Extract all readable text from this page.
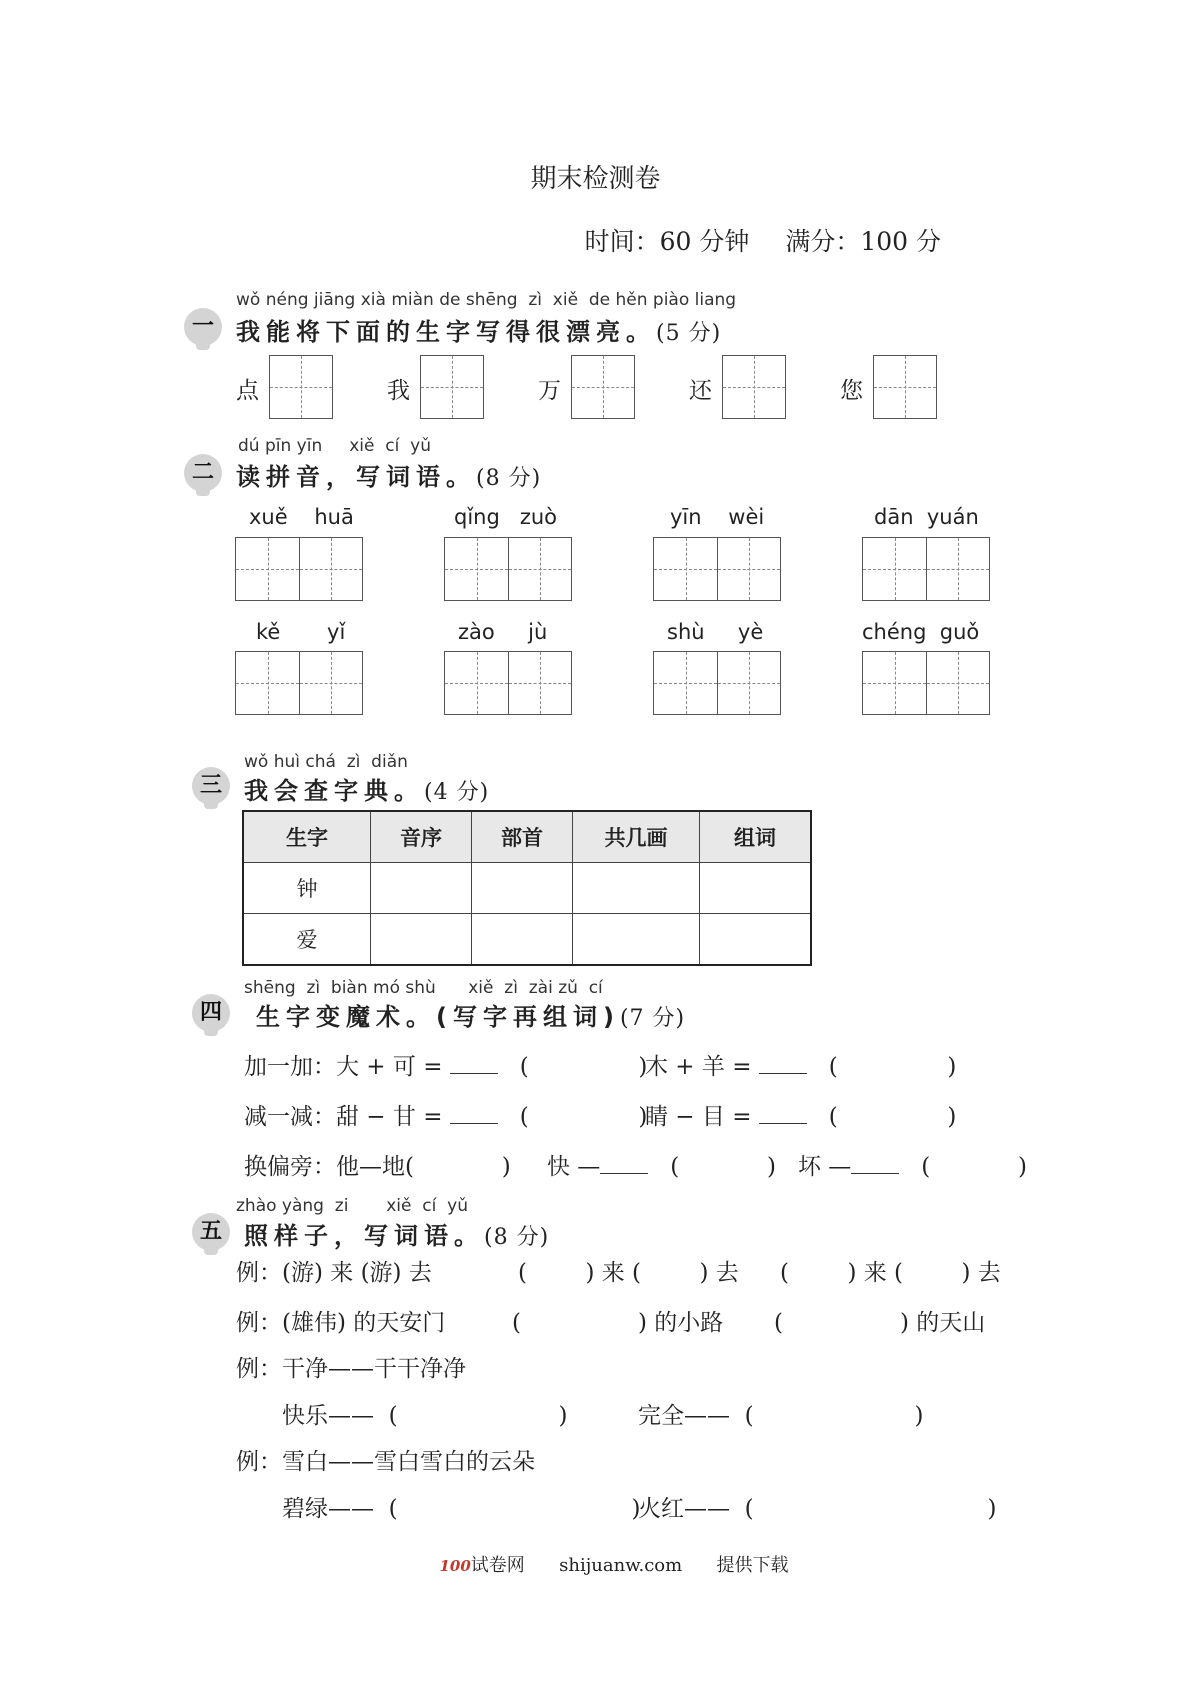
期末检测卷
时间：60 分钟 满分：100 分
wǒ néng jiāng xià miàn de shēng  zì  xiě  de hěn piào liang
一 我能将下面的生字写得很漂亮。(5 分)
点	我	万	还	您
dú pīn yīn     xiě  cí  yǔ
二 读拼音，写词语。(8 分)
xuě    huā	qǐng   zuò	yīn    wèi	dān  yuán
kě       yǐ	zào     jù	shù     yè	chéng  guǒ
wǒ huì chá  zì  diǎn
三 我会查字典。(4 分)
生字	音序	部首	共几画	组词
钟				
爱				
shēng  zì  biàn mó shù      xiě  zì  zài zǔ  cí
四	生字变魔术。(写字再组词)(7 分)
加一加：大 + 可 =    (               )
木 + 羊 =    (               )
减一减：甜 − 甘 =    (               )
睛 − 目 =    (               )
换偏旁：他—地(            ) 快 —   (            ) 坏 —   (            )
zhào yàng  zi       xiě  cí  yǔ
五 照样子，写词语。(8 分)
例：(游) 来 (游) 去	(        ) 来 (        ) 去 (        ) 来 (        ) 去
例：(雄伟) 的天安门	(                ) 的小路 (                ) 的天山
例：干净——干干净净
快乐——  (                      )	完全——  (                      )
例：雪白——雪白雪白的云朵
碧绿——  (                                )
火红——  (                                )

100试卷网 shijuanw.com 提供下载
